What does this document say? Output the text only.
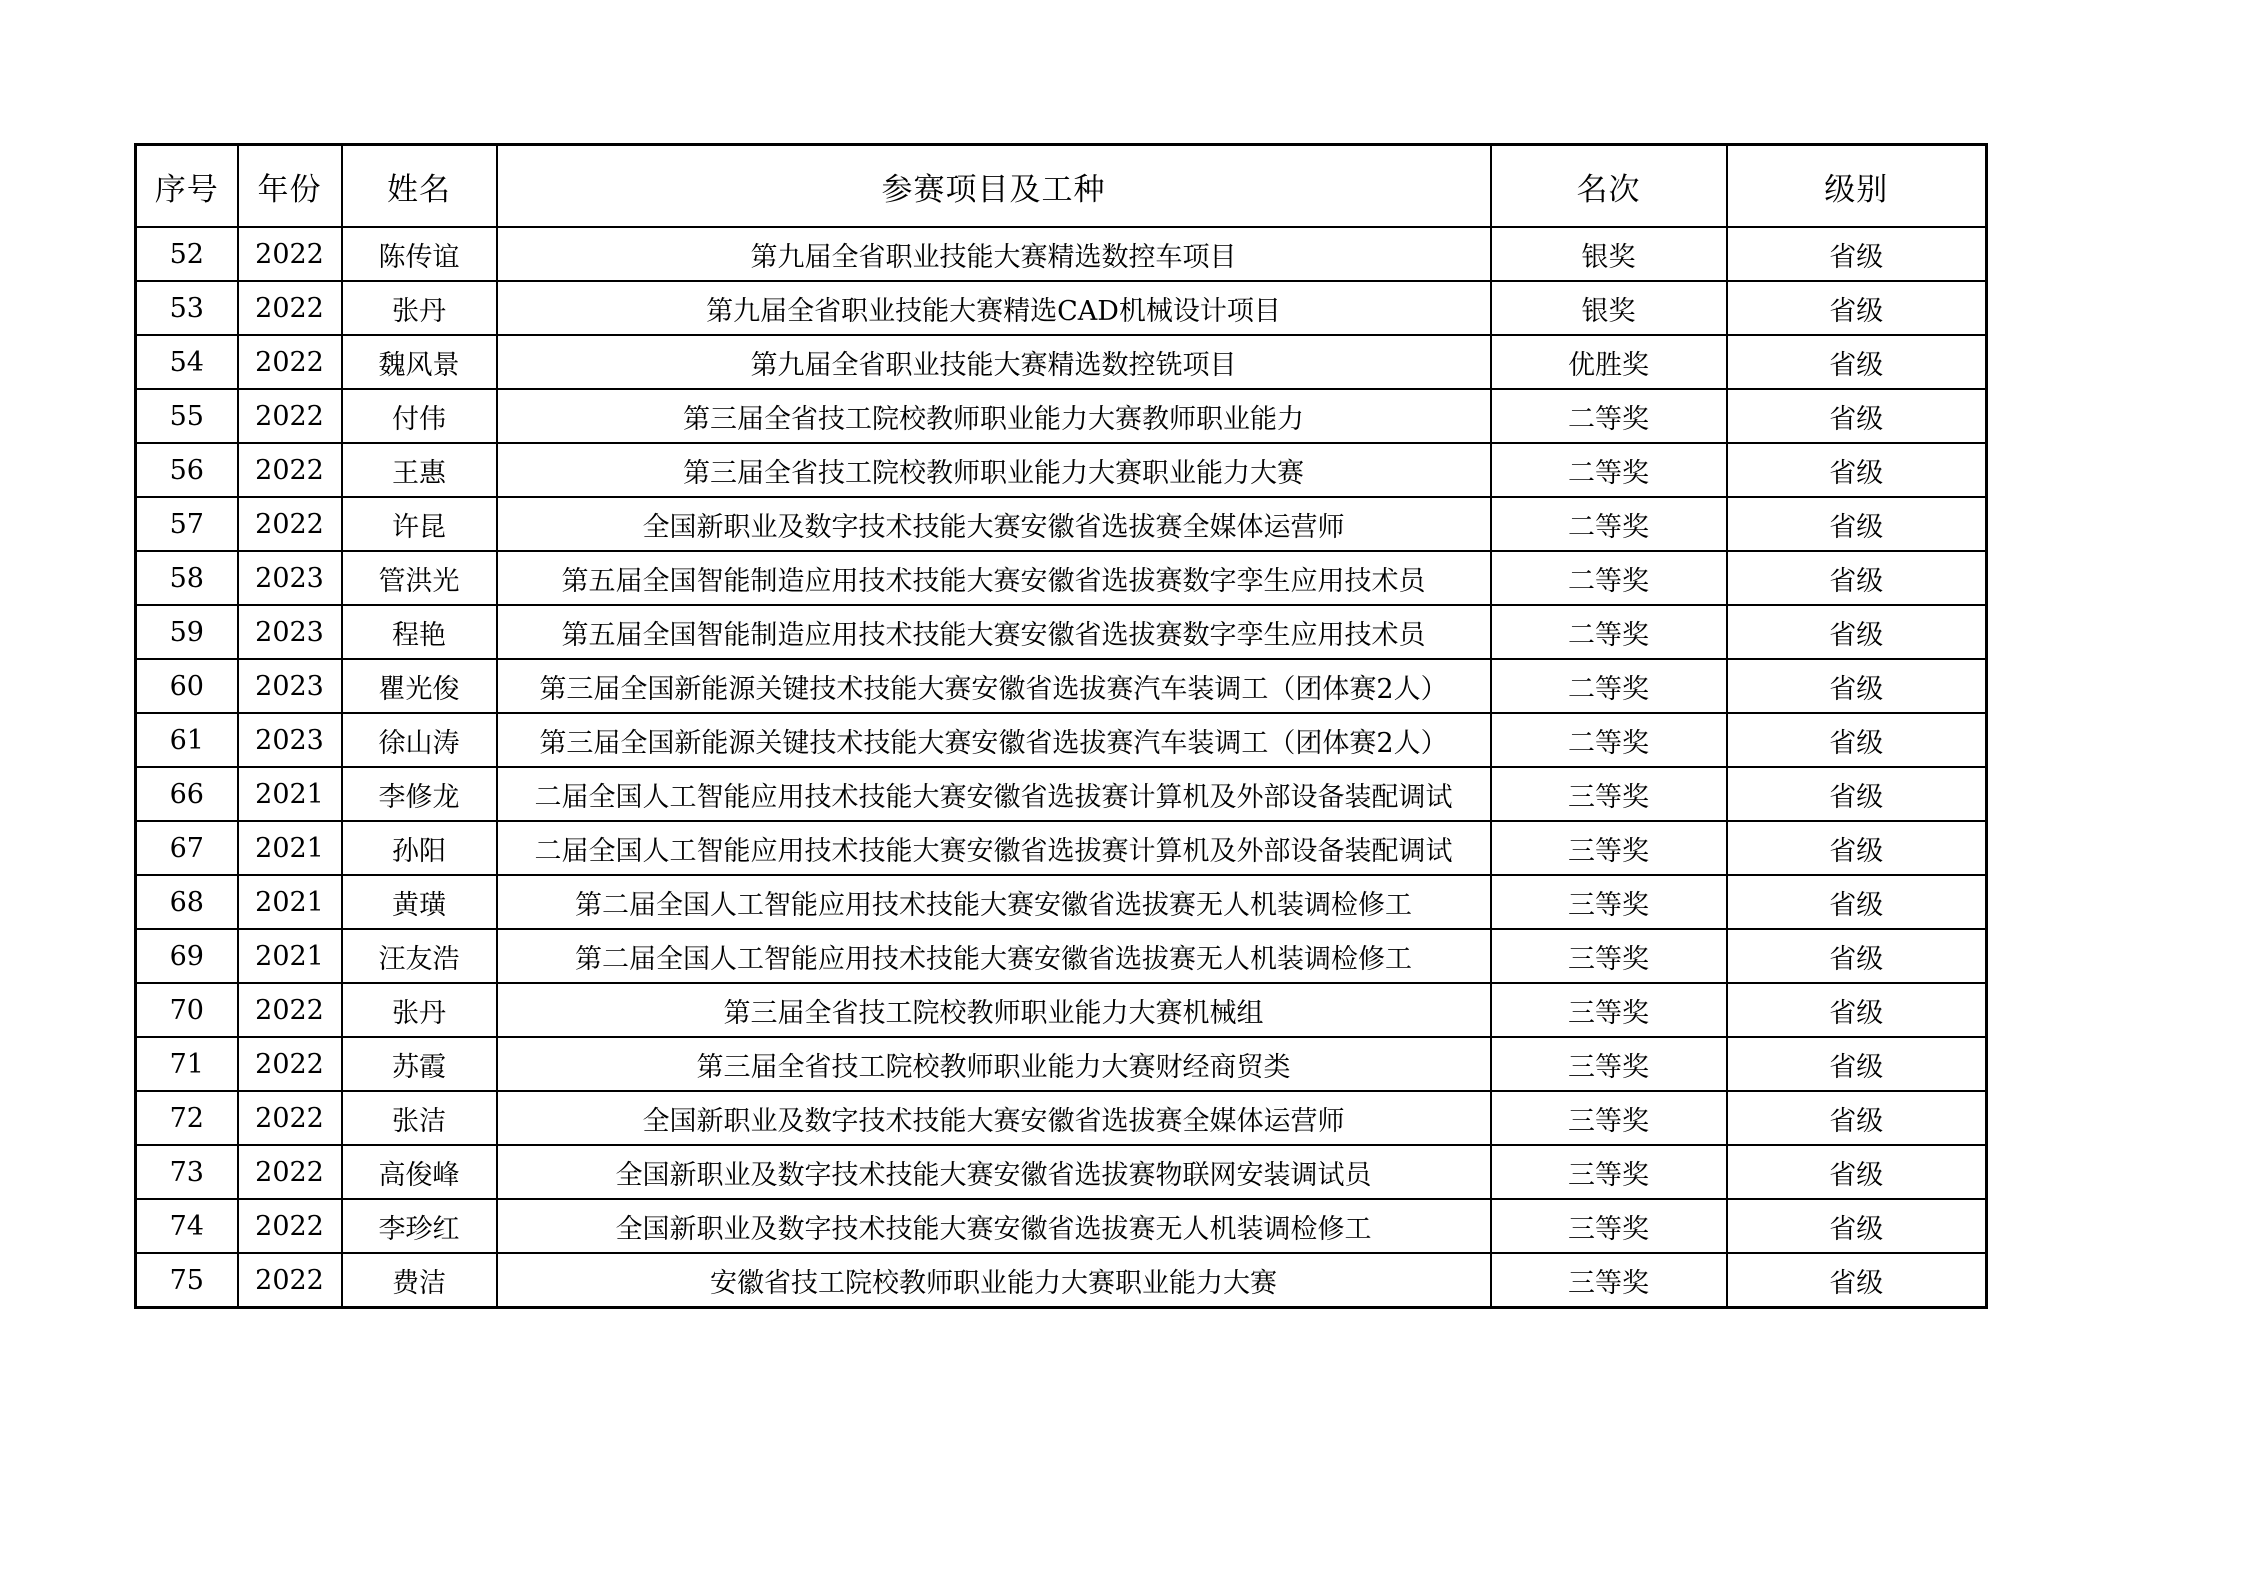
序号	年份	姓名	参赛项目及工种	名次	级别
52	2022	陈传谊	第九届全省职业技能大赛精选数控车项目	银奖	省级
53	2022	张丹	第九届全省职业技能大赛精选CAD机械设计项目	银奖	省级
54	2022	魏风景	第九届全省职业技能大赛精选数控铣项目	优胜奖	省级
55	2022	付伟	第三届全省技工院校教师职业能力大赛教师职业能力	二等奖	省级
56	2022	王惠	第三届全省技工院校教师职业能力大赛职业能力大赛	二等奖	省级
57	2022	许昆	全国新职业及数字技术技能大赛安徽省选拔赛全媒体运营师	二等奖	省级
58	2023	管洪光	第五届全国智能制造应用技术技能大赛安徽省选拔赛数字孪生应用技术员	二等奖	省级
59	2023	程艳	第五届全国智能制造应用技术技能大赛安徽省选拔赛数字孪生应用技术员	二等奖	省级
60	2023	瞿光俊	第三届全国新能源关键技术技能大赛安徽省选拔赛汽车装调工（团体赛2人）	二等奖	省级
61	2023	徐山涛	第三届全国新能源关键技术技能大赛安徽省选拔赛汽车装调工（团体赛2人）	二等奖	省级
66	2021	李修龙	二届全国人工智能应用技术技能大赛安徽省选拔赛计算机及外部设备装配调试	三等奖	省级
67	2021	孙阳	二届全国人工智能应用技术技能大赛安徽省选拔赛计算机及外部设备装配调试	三等奖	省级
68	2021	黄璜	第二届全国人工智能应用技术技能大赛安徽省选拔赛无人机装调检修工	三等奖	省级
69	2021	汪友浩	第二届全国人工智能应用技术技能大赛安徽省选拔赛无人机装调检修工	三等奖	省级
70	2022	张丹	第三届全省技工院校教师职业能力大赛机械组	三等奖	省级
71	2022	苏霞	第三届全省技工院校教师职业能力大赛财经商贸类	三等奖	省级
72	2022	张洁	全国新职业及数字技术技能大赛安徽省选拔赛全媒体运营师	三等奖	省级
73	2022	高俊峰	全国新职业及数字技术技能大赛安徽省选拔赛物联网安装调试员	三等奖	省级
74	2022	李珍红	全国新职业及数字技术技能大赛安徽省选拔赛无人机装调检修工	三等奖	省级
75	2022	费洁	安徽省技工院校教师职业能力大赛职业能力大赛	三等奖	省级
